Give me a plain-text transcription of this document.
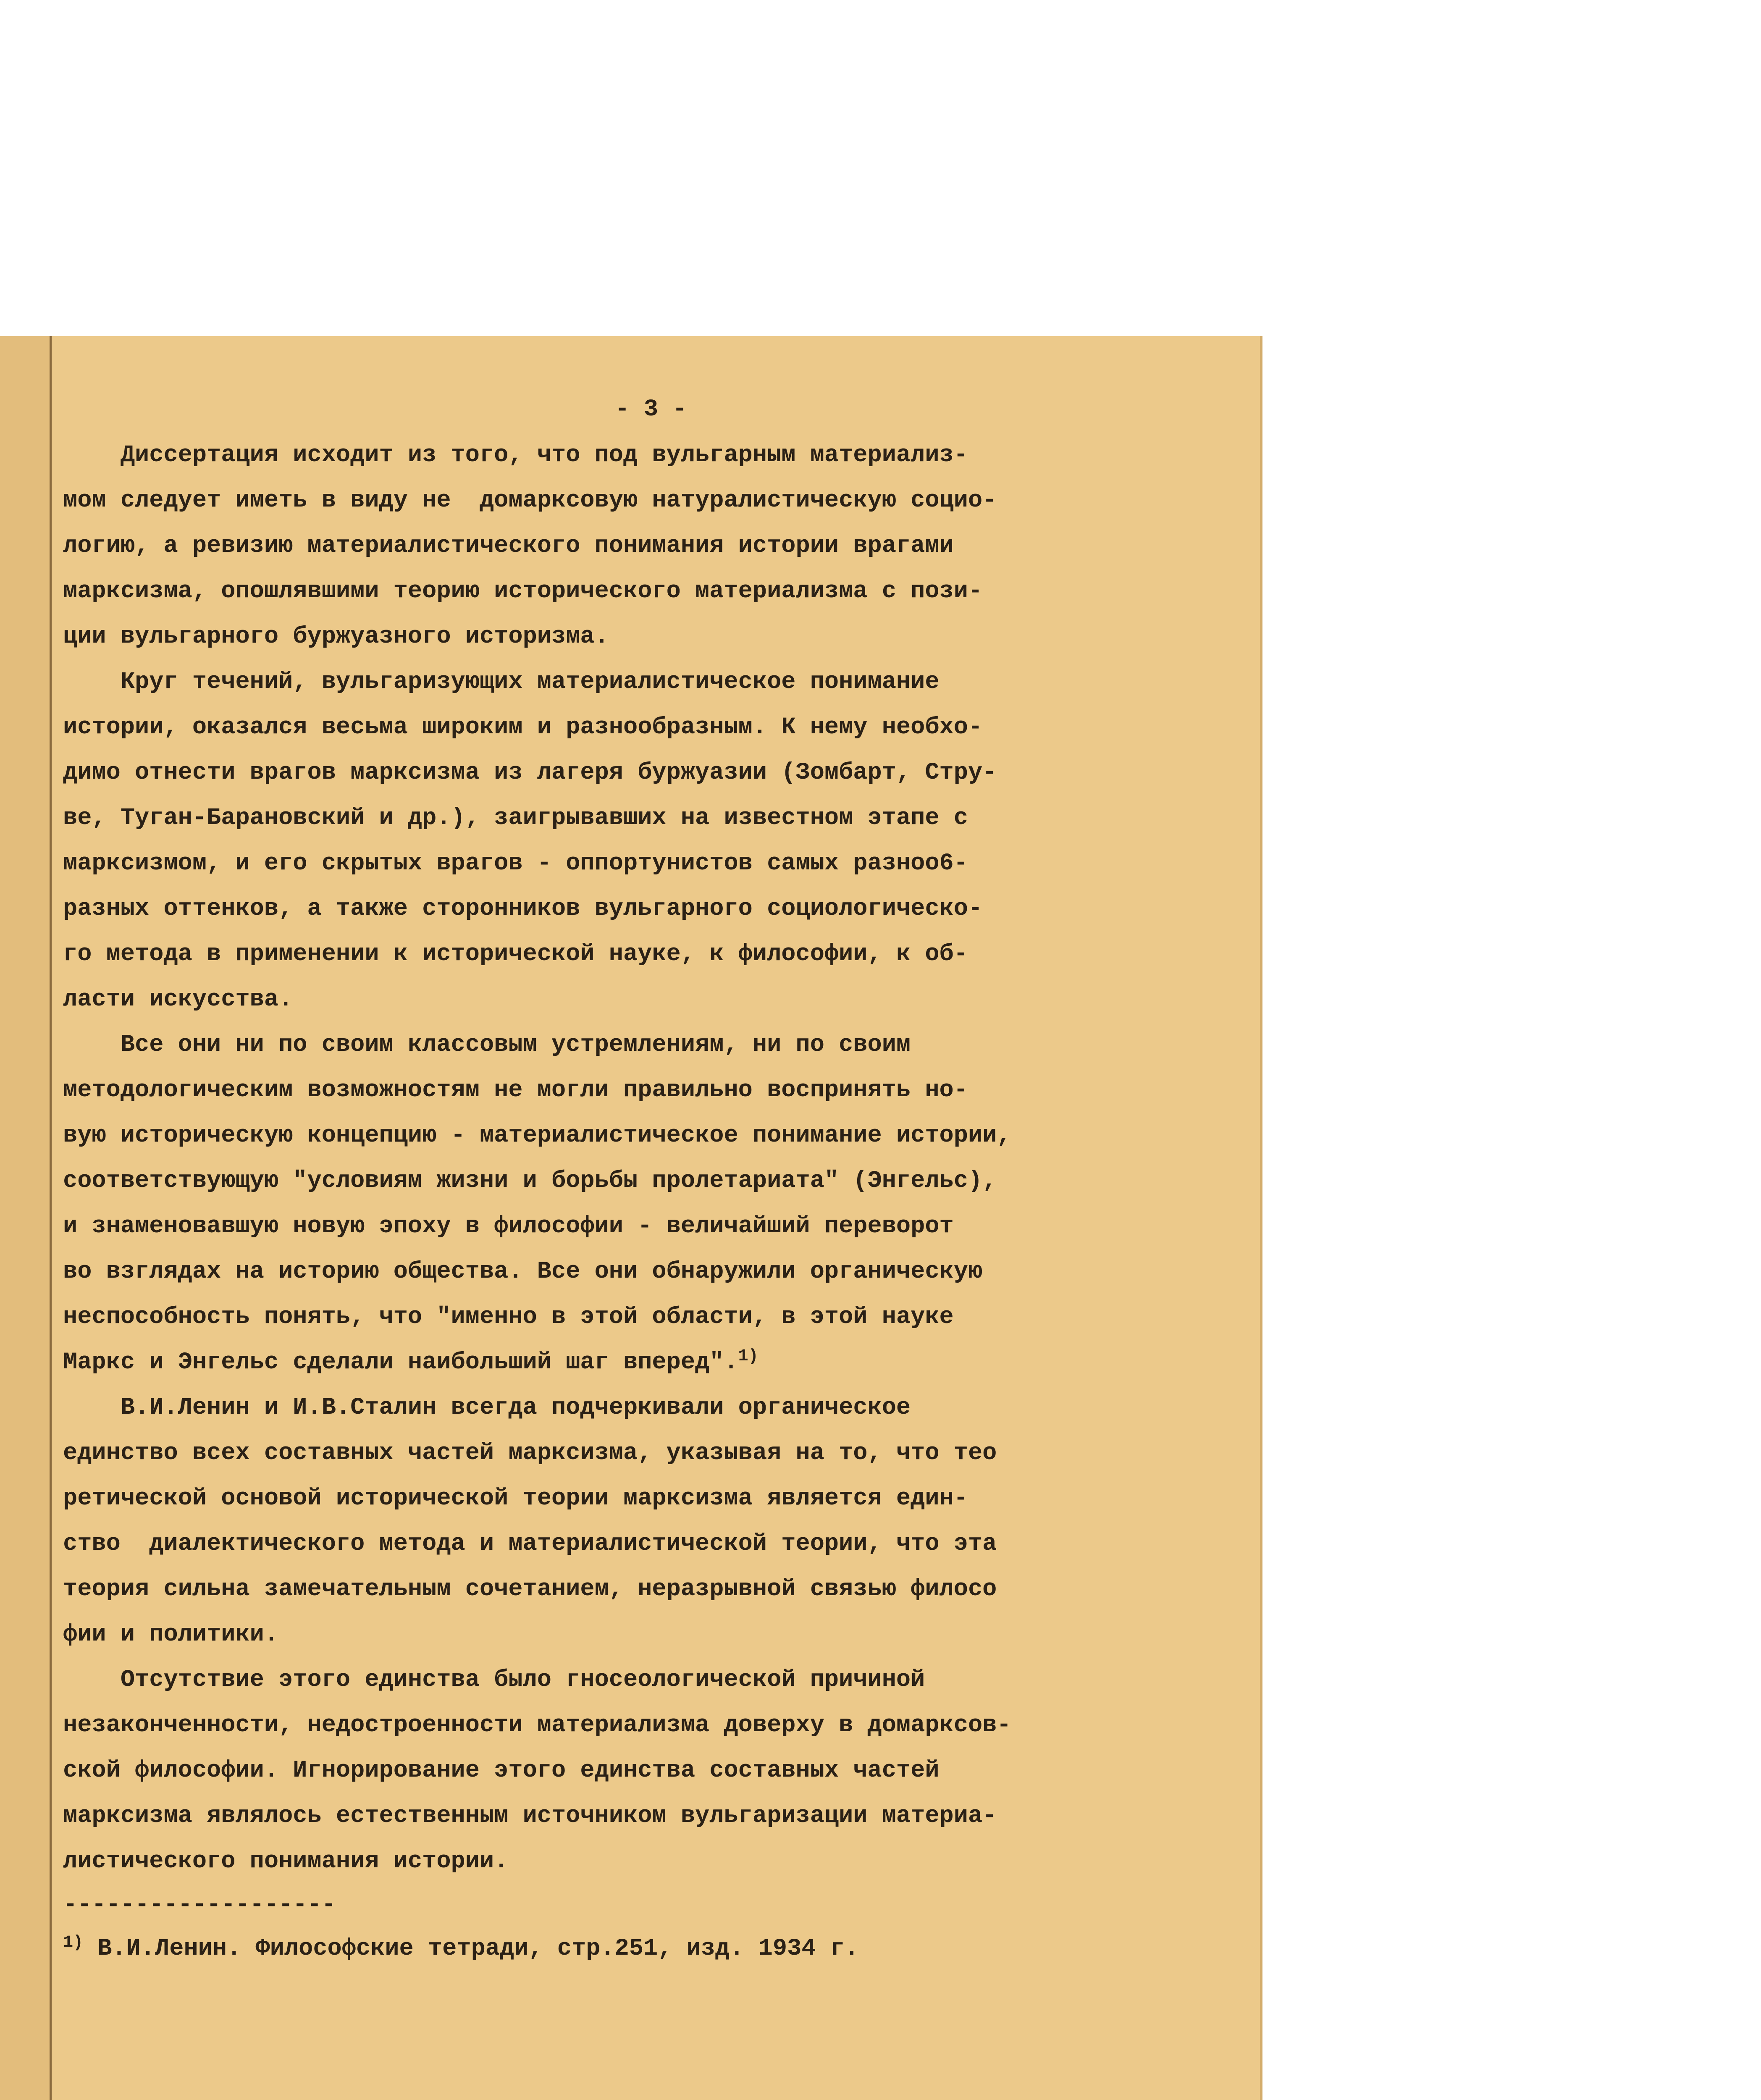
- 3 -
Диссертация исходит из того, что под вульгарным материализ-
мом следует иметь в виду не  домарксовую натуралистическую социо-
логию, а ревизию материалистического понимания истории врагами
марксизма, опошлявшими теорию исторического материализма с пози-
ции вульгарного буржуазного историзма.
Круг течений, вульгаризующих материалистическое понимание
истории, оказался весьма широким и разнообразным. К нему необхо-
димо отнести врагов марксизма из лагеря буржуазии (Зомбарт, Стру-
ве, Туган-Барановский и др.), заигрывавших на известном этапе с
марксизмом, и его скрытых врагов - оппортунистов самых разноо6-
разных оттенков, а также сторонников вульгарного социологическо-
го метода в применении к исторической науке, к философии, к об-
ласти искусства.
Все они ни по своим классовым устремлениям, ни по своим
методологическим возможностям не могли правильно воспринять но-
вую историческую концепцию - материалистическое понимание истории,
соответствующую "условиям жизни и борьбы пролетариата" (Энгельс),
и знаменовавшую новую эпоху в философии - величайший переворот
во взглядах на историю общества. Все они обнаружили органическую
неспособность понять, что "именно в этой области, в этой науке
Маркс и Энгельс сделали наибольший шаг вперед".$^{1)}$
В.И.Ленин и И.В.Сталин всегда подчеркивали органическое
единство всех составных частей марксизма, указывая на то, что тео
ретической основой исторической теории марксизма является един-
ство  диалектического метода и материалистической теории, что эта
теория сильна замечательным сочетанием, неразрывной связью филосо
фии и политики.
Отсутствие этого единства было гносеологической причиной
незаконченности, недостроенности материализма доверху в домарксов-
ской философии. Игнорирование этого единства составных частей
марксизма являлось естественным источником вульгаризации материа-
листического понимания истории.
-------------------
$^{1)}$ В.И.Ленин. Философские тетради, стр.251, изд. 1934 г.
